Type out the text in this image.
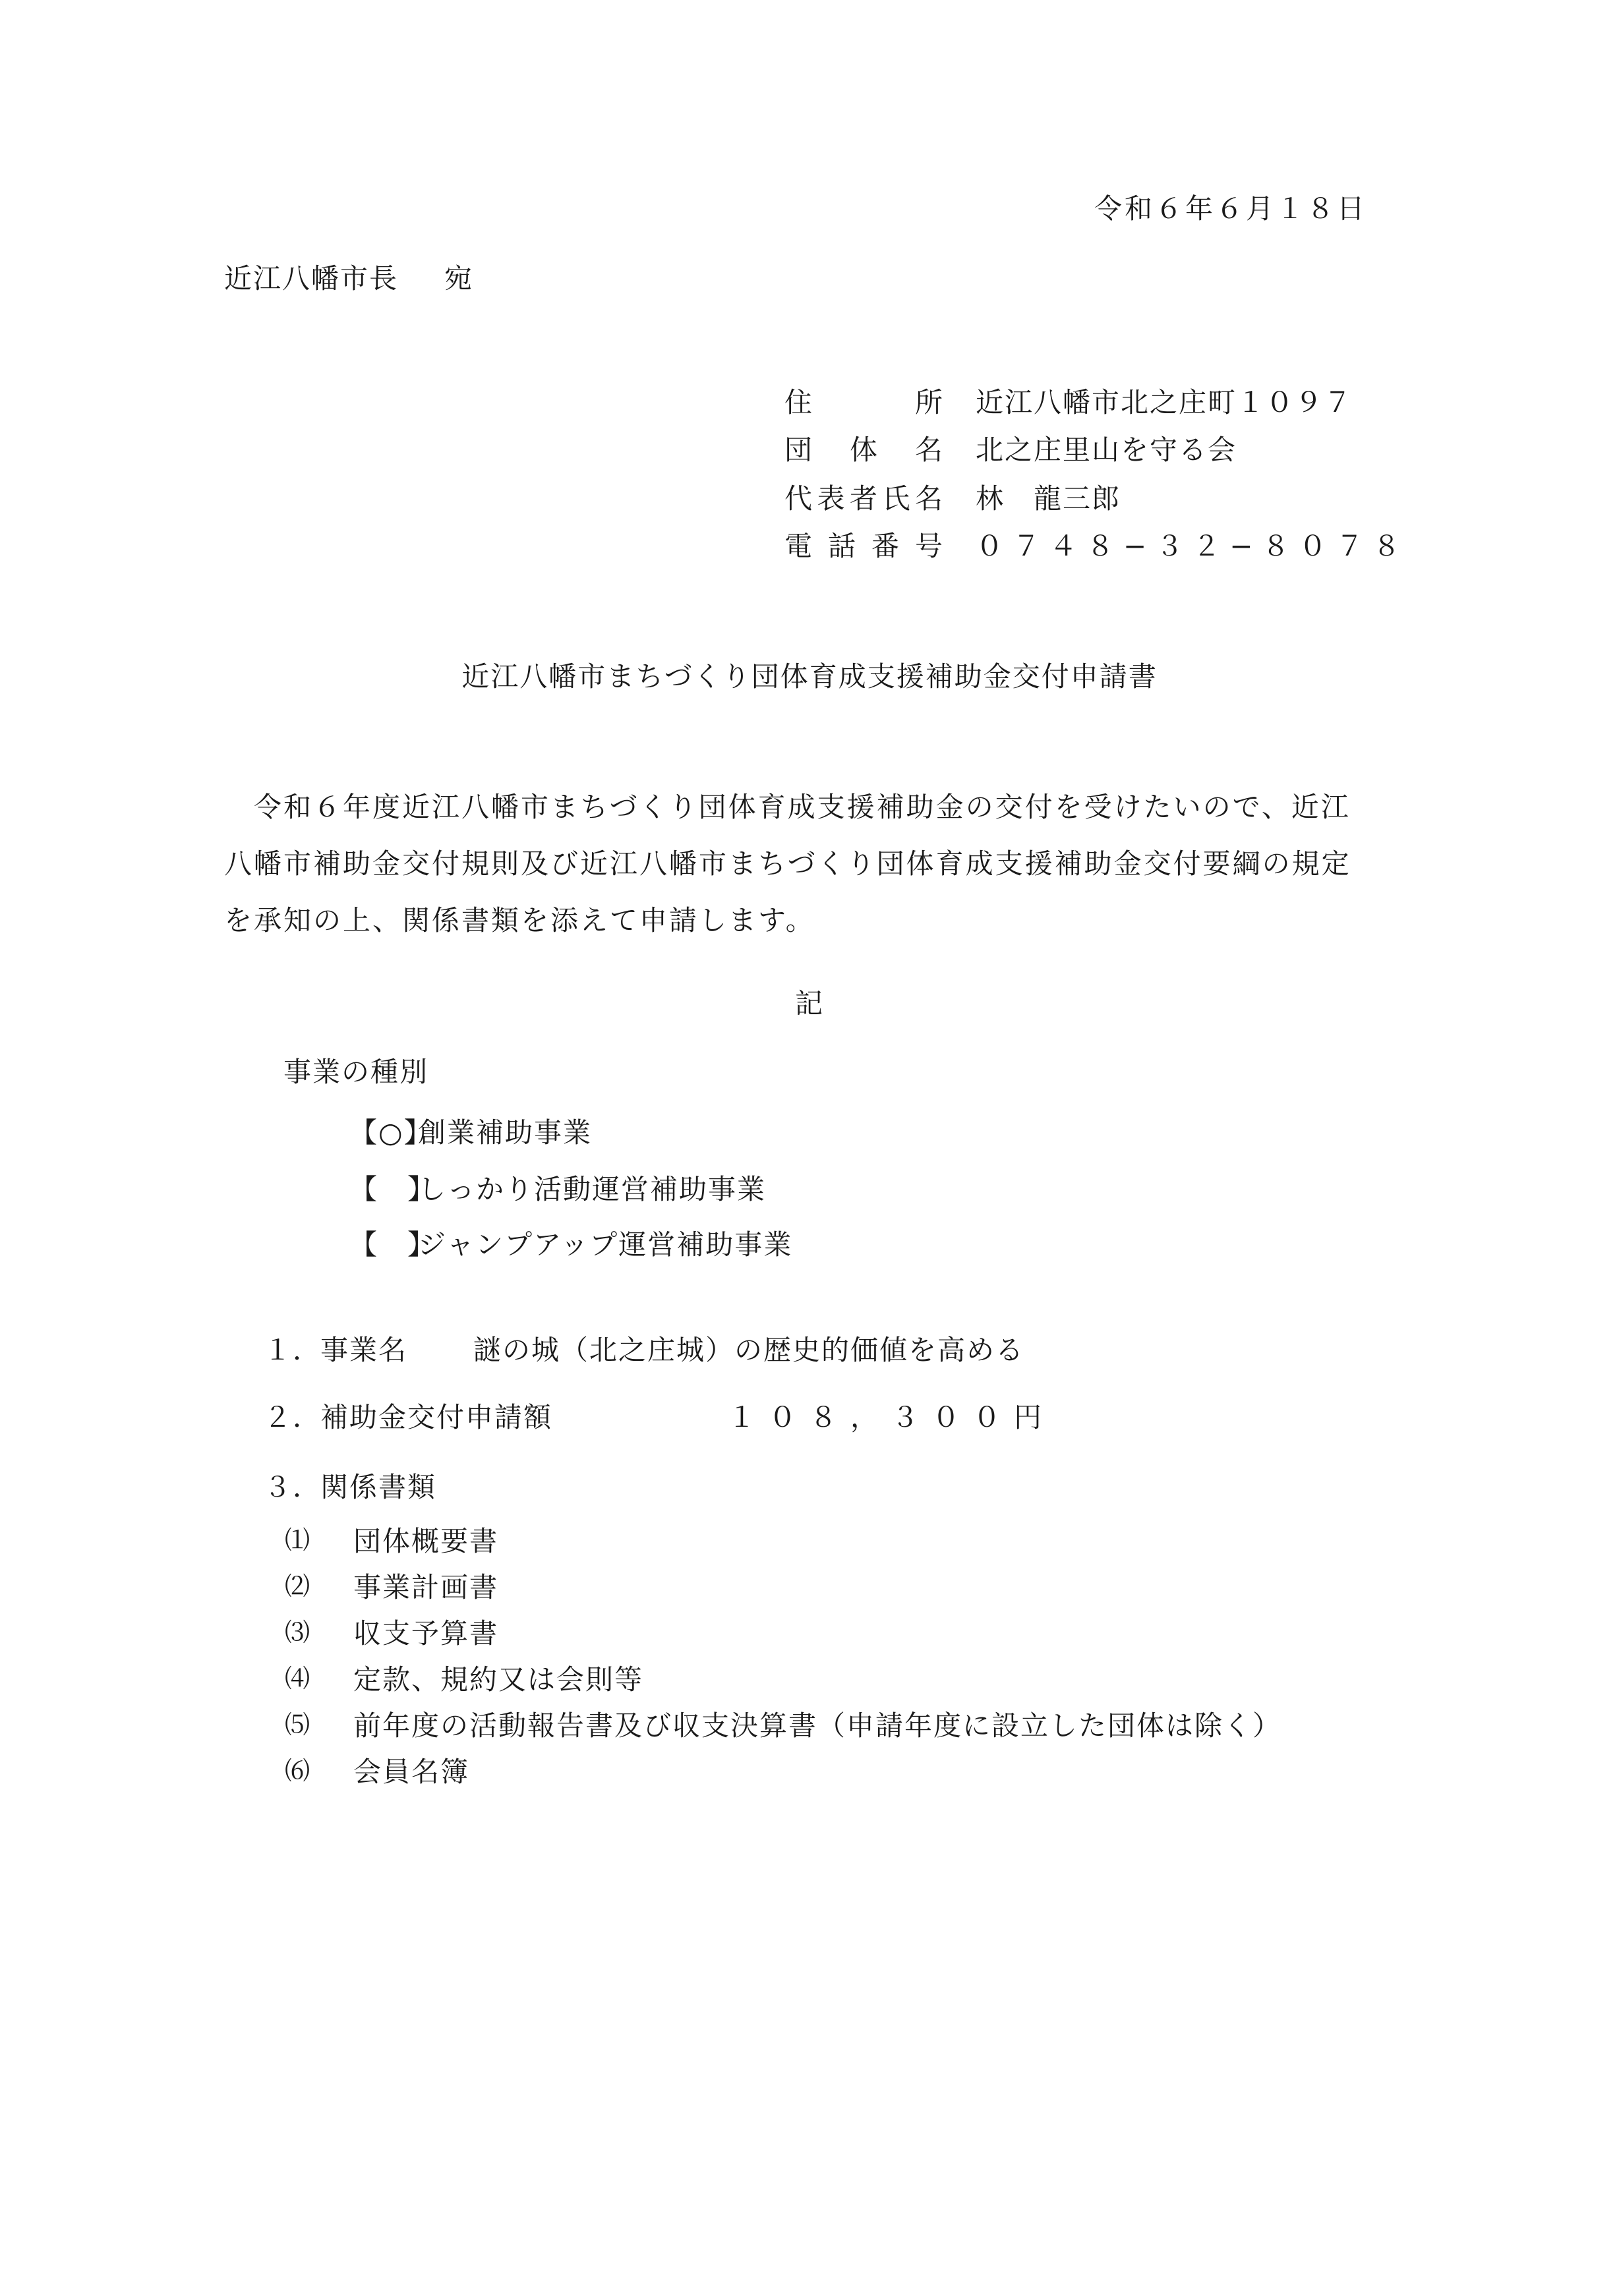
令和６年６月１８日
近江八幡市長 宛
住所 近江八幡市北之庄町１０９７
団体名 北之庄里山を守る会
代表者氏名 林　龍三郎
電話番号 ０７４８−３２−８０７８
近江八幡市まちづくり団体育成支援補助金交付申請書

　令和６年度近江八幡市まちづくり団体育成支援補助金の交付を受けたいので、近江

八幡市補助金交付規則及び近江八幡市まちづくり団体育成支援補助金交付要綱の規定

を承知の上、関係書類を添えて申請します。

記
事業の種別
【○】創業補助事業
【　】しっかり活動運営補助事業
【　】ジャンプアップ運営補助事業
１．
事業名 謎の城（北之庄城）の歴史的価値を高める
２．
補助金交付申請額	１０８，３００円
３．
関係書類
⑴ 団体概要書
⑵ 事業計画書
⑶ 収支予算書
⑷ 定款、規約又は会則等
⑸ 前年度の活動報告書及び収支決算書（申請年度に設立した団体は除く）
⑹ 会員名簿
